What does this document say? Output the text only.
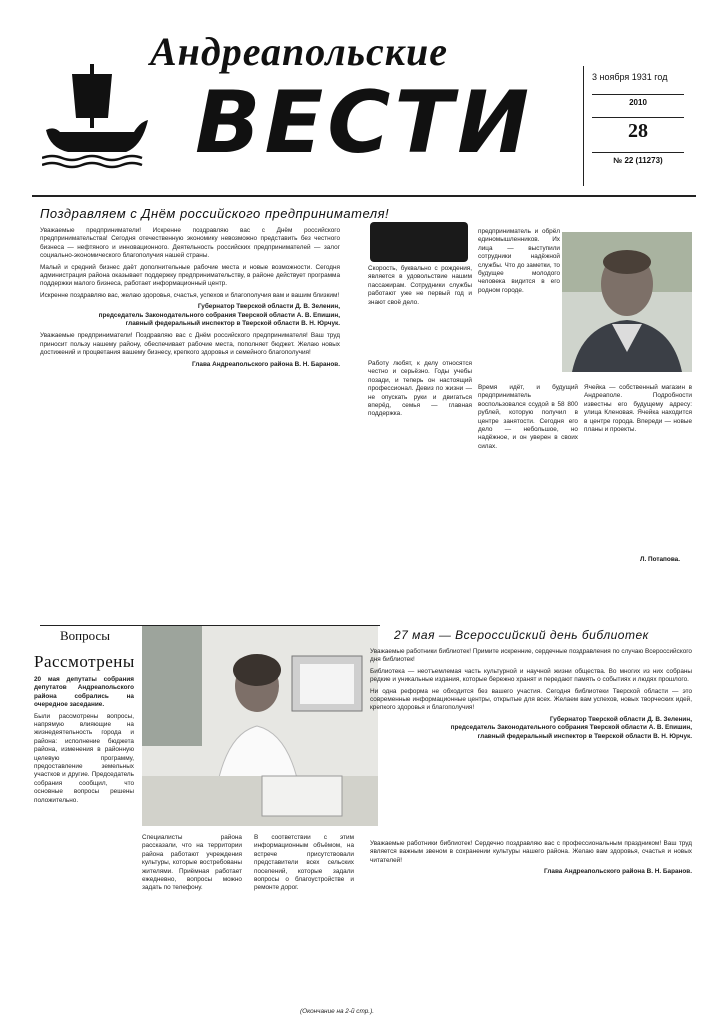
Андреапольские
ВЕСТИ	3 ноября 1931 год
2010
28
№ 22 (11273)
Поздравляем с Днём российского предпринимателя!

Уважаемые предприниматели! Искренне поздравляю вас с Днём российского предпринимательства! Сегодня отечественную экономику невозможно представить без честного бизнеса — нефтяного и инновационного. Деятельность российских предпринимателей — залог социально-экономического благополучия нашей страны.

Малый и средний бизнес даёт дополнительные рабочие места и новые возможности. Сегодня администрация района оказывает поддержку предпринимательству, в районе действует программа поддержки малого бизнеса, работает информационный центр.

Искренне поздравляю вас, желаю здоровья, счастья, успехов и благополучия вам и вашим близким!

Губернатор Тверской области Д. В. Зеленин,
председатель Законодательного собрания Тверской области А. В. Епишин,
главный федеральный инспектор в Тверской области В. Н. Юрчук.

Уважаемые предприниматели! Поздравляю вас с Днём российского предпринимателя! Ваш труд приносит пользу нашему району, обеспечивает рабочие места, пополняет бюджет. Желаю новых достижений и процветания вашему бизнесу, крепкого здоровья и семейного благополучия!

Глава Андреапольского района В. Н. Баранов.
Скорость, буквально с рождения, является в удовольствие нашим пассажирам. Сотрудники службы работают уже не первый год и знают своё дело.
Работу любят, к делу относятся честно и серьёзно. Годы учебы позади, и теперь он настоящий профессионал. Девиз по жизни — не опускать руки и двигаться вперёд, семья — главная поддержка.
предприниматель и обрёл единомышленников. Их лица — выступили сотрудники надёжной службы. Что до заметки, то будущее молодого человека видится в его родном городе.
Время идёт, и будущий предприниматель воспользовался ссудой в 58 800 рублей, которую получил в центре занятости. Сегодня его дело — небольшое, но надёжное, и он уверен в своих силах.
Ячейка — собственный магазин в Андреаполе. Подробности известны его будущему адресу: улица Кленовая. Ячейка находится в центре города. Впереди — новые планы и проекты.
Л. Потапова.
Вопросы
Рассмотрены

20 мая депутаты собрания депутатов Андреапольского района собрались на очередное заседание.

Были рассмотрены вопросы, напрямую влияющие на жизнедеятельность города и района: исполнение бюджета района, изменения в районную целевую программу, предоставление земельных участков и другие. Председатель собрания сообщил, что основные вопросы решены положительно.

Специалисты района рассказали, что на территории района работают учреждения культуры, которые востребованы жителями. Приёмная работает ежедневно, вопросы можно задать по телефону.
В соответствии с этим информационным объёмом, на встрече присутствовали представители всех сельских поселений, которые задали вопросы о благоустройстве и ремонте дорог.
(Окончание на 2-й стр.).
27 мая — Всероссийский день библиотек

Уважаемые работники библиотек! Примите искренние, сердечные поздравления по случаю Всероссийского дня библиотек!

Библиотека — неотъемлемая часть культурной и научной жизни общества. Во многих из них собраны редкие и уникальные издания, которые бережно хранят и передают память о событиях и людях прошлого.

Ни одна реформа не обходится без вашего участия. Сегодня библиотеки Тверской области — это современные информационные центры, открытые для всех. Желаем вам успехов, новых творческих идей, крепкого здоровья и благополучия!

Губернатор Тверской области Д. В. Зеленин,
председатель Законодательного собрания Тверской области А. В. Епишин,
главный федеральный инспектор в Тверской области В. Н. Юрчук.

Уважаемые работники библиотек! Сердечно поздравляю вас с профессиональным праздником! Ваш труд является важным звеном в сохранении культуры нашего района. Желаю вам здоровья, счастья и новых читателей!

Глава Андреапольского района В. Н. Баранов.
